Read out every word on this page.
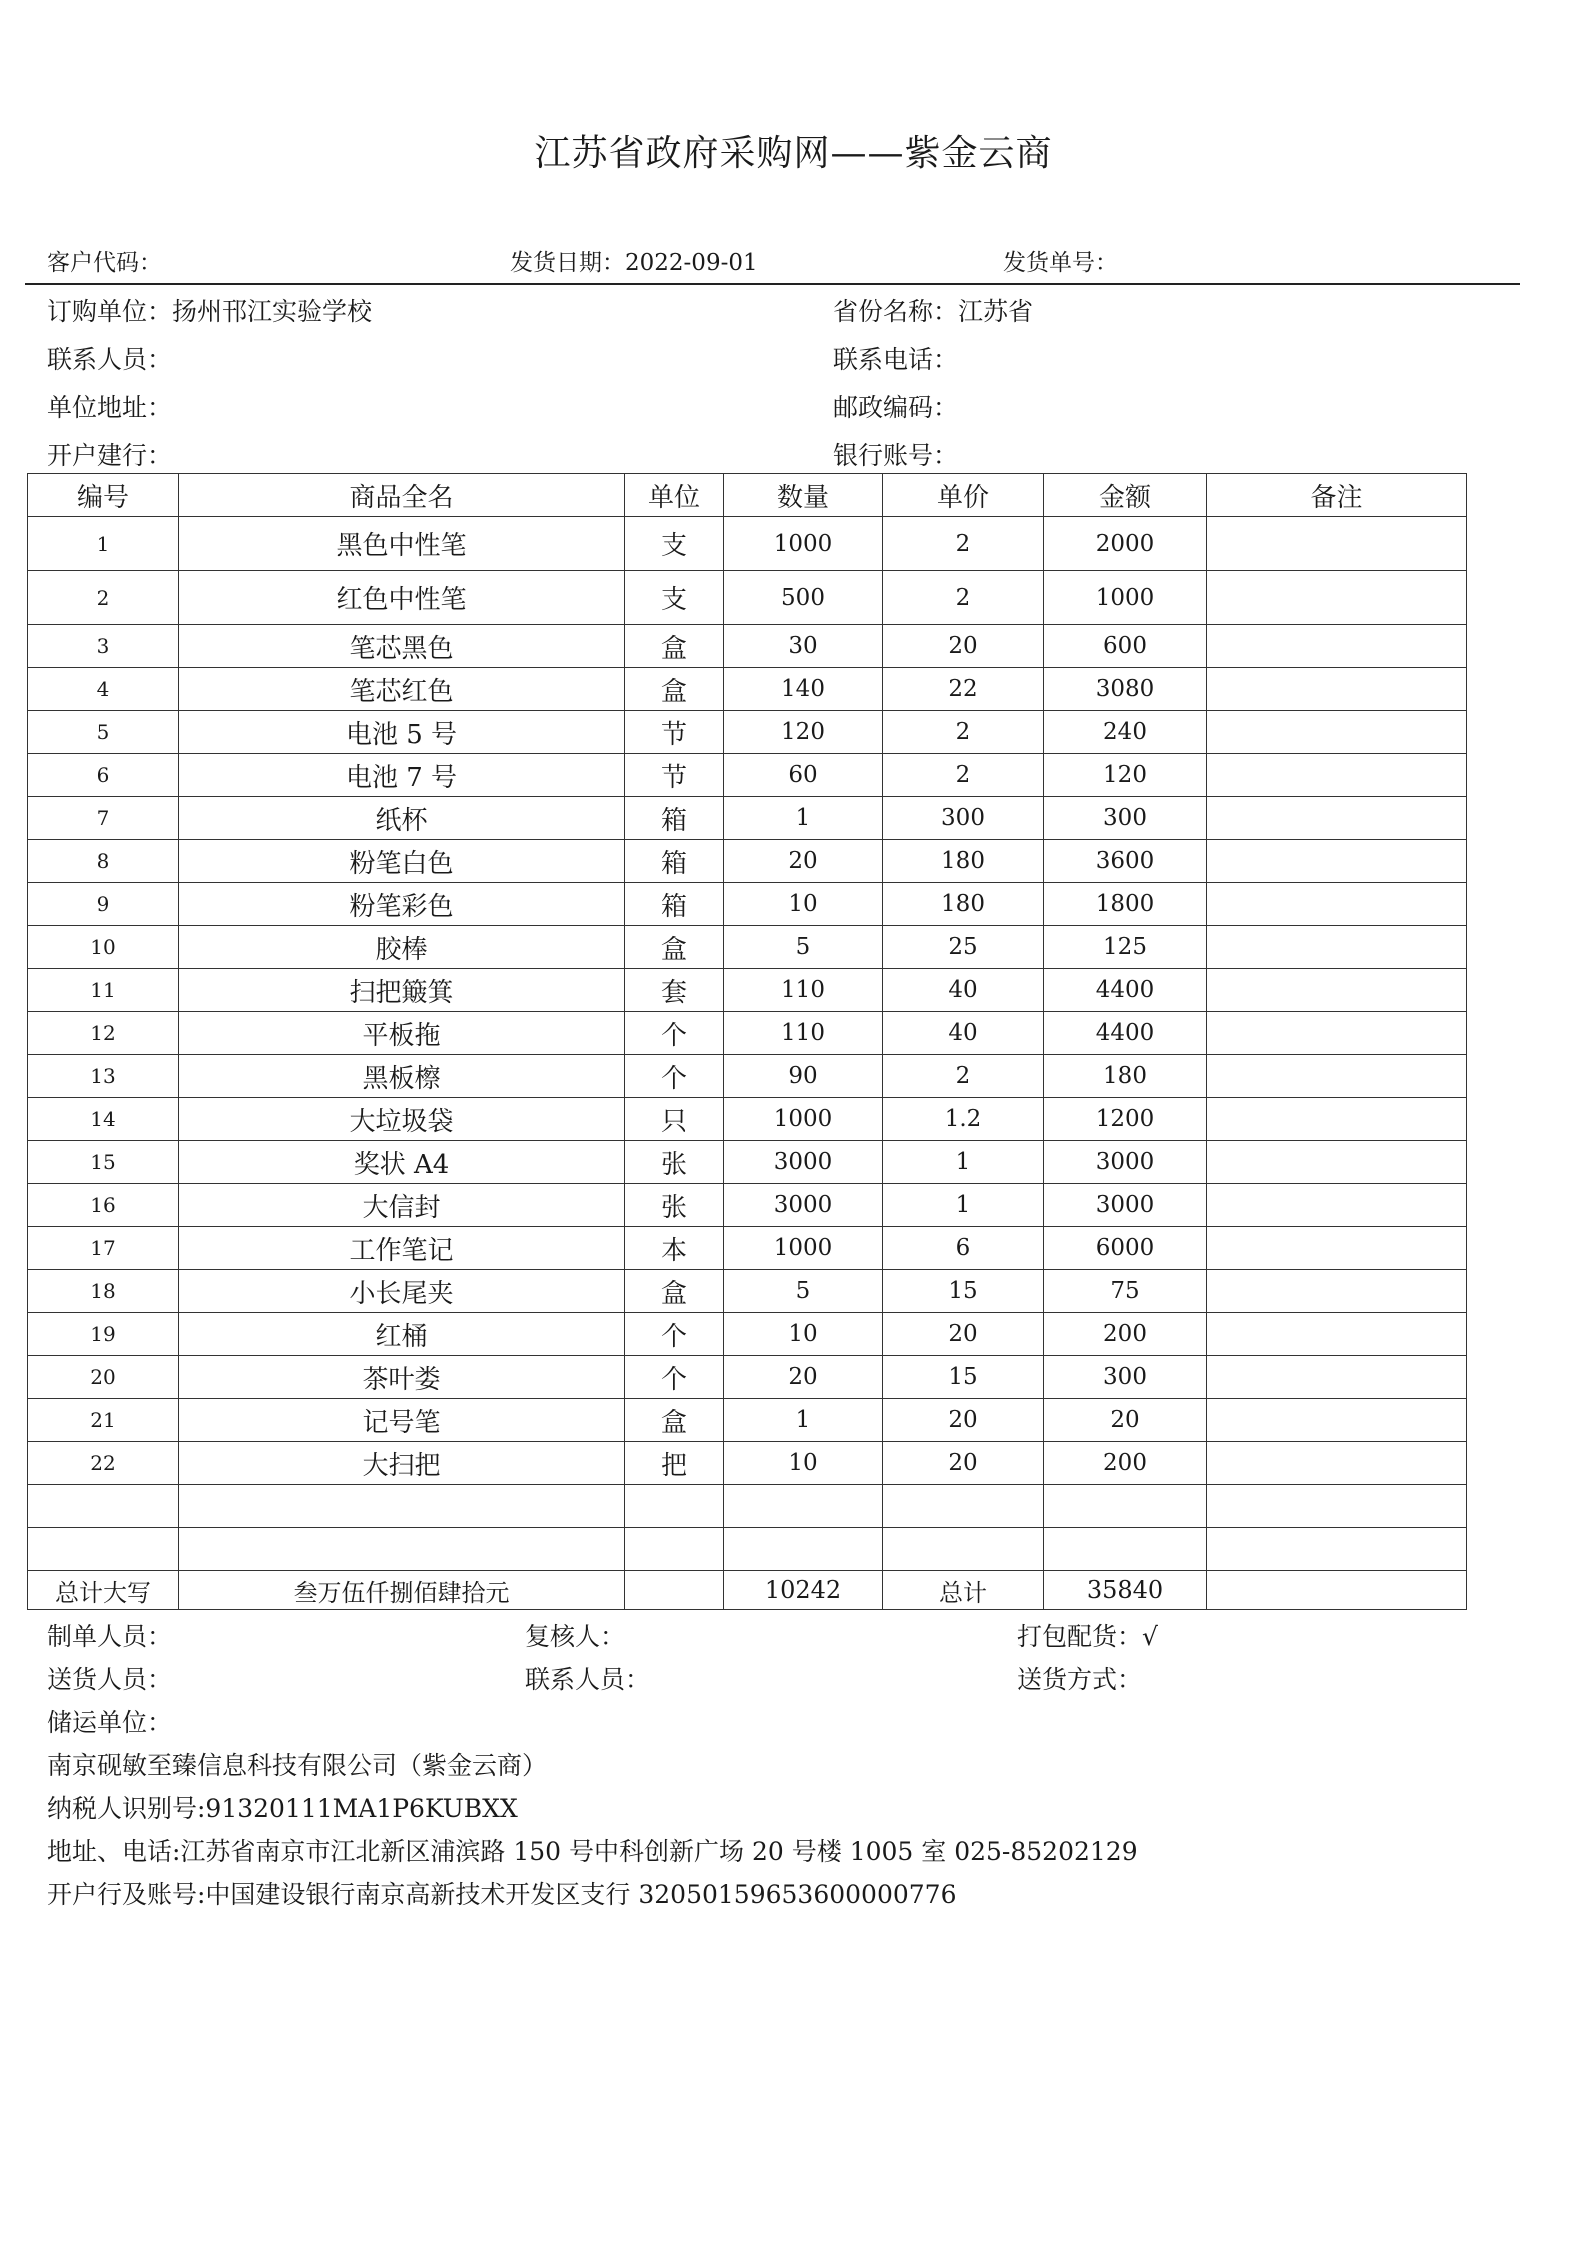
江苏省政府采购网——紫金云商
客户代码：	发货日期：2022-09-01	发货单号：
订购单位：扬州邗江实验学校	省份名称：江苏省
联系人员：	联系电话：
单位地址：	邮政编码：
开户建行：	银行账号：
编号	商品全名	单位	数量	单价	金额	备注
1	黑色中性笔	支	1000	2	2000	
2	红色中性笔	支	500	2	1000	
3	笔芯黑色	盒	30	20	600	
4	笔芯红色	盒	140	22	3080	
5	电池 5 号	节	120	2	240	
6	电池 7 号	节	60	2	120	
7	纸杯	箱	1	300	300	
8	粉笔白色	箱	20	180	3600	
9	粉笔彩色	箱	10	180	1800	
10	胶棒	盒	5	25	125	
11	扫把簸箕	套	110	40	4400	
12	平板拖	个	110	40	4400	
13	黑板檫	个	90	2	180	
14	大垃圾袋	只	1000	1.2	1200	
15	奖状 A4	张	3000	1	3000	
16	大信封	张	3000	1	3000	
17	工作笔记	本	1000	6	6000	
18	小长尾夹	盒	5	15	75	
19	红桶	个	10	20	200	
20	茶叶娄	个	20	15	300	
21	记号笔	盒	1	20	20	
22	大扫把	把	10	20	200	

总计大写	叁万伍仟捌佰肆拾元		10242	总计	35840	
制单人员：	复核人：	打包配货：√
送货人员：	联系人员：	送货方式：
储运单位：
南京砚敏至臻信息科技有限公司（紫金云商）
纳税人识别号:91320111MA1P6KUBXX
地址、电话:江苏省南京市江北新区浦滨路 150 号中科创新广场 20 号楼 1005 室 025-85202129
开户行及账号:中国建设银行南京高新技术开发区支行 32050159653600000776
